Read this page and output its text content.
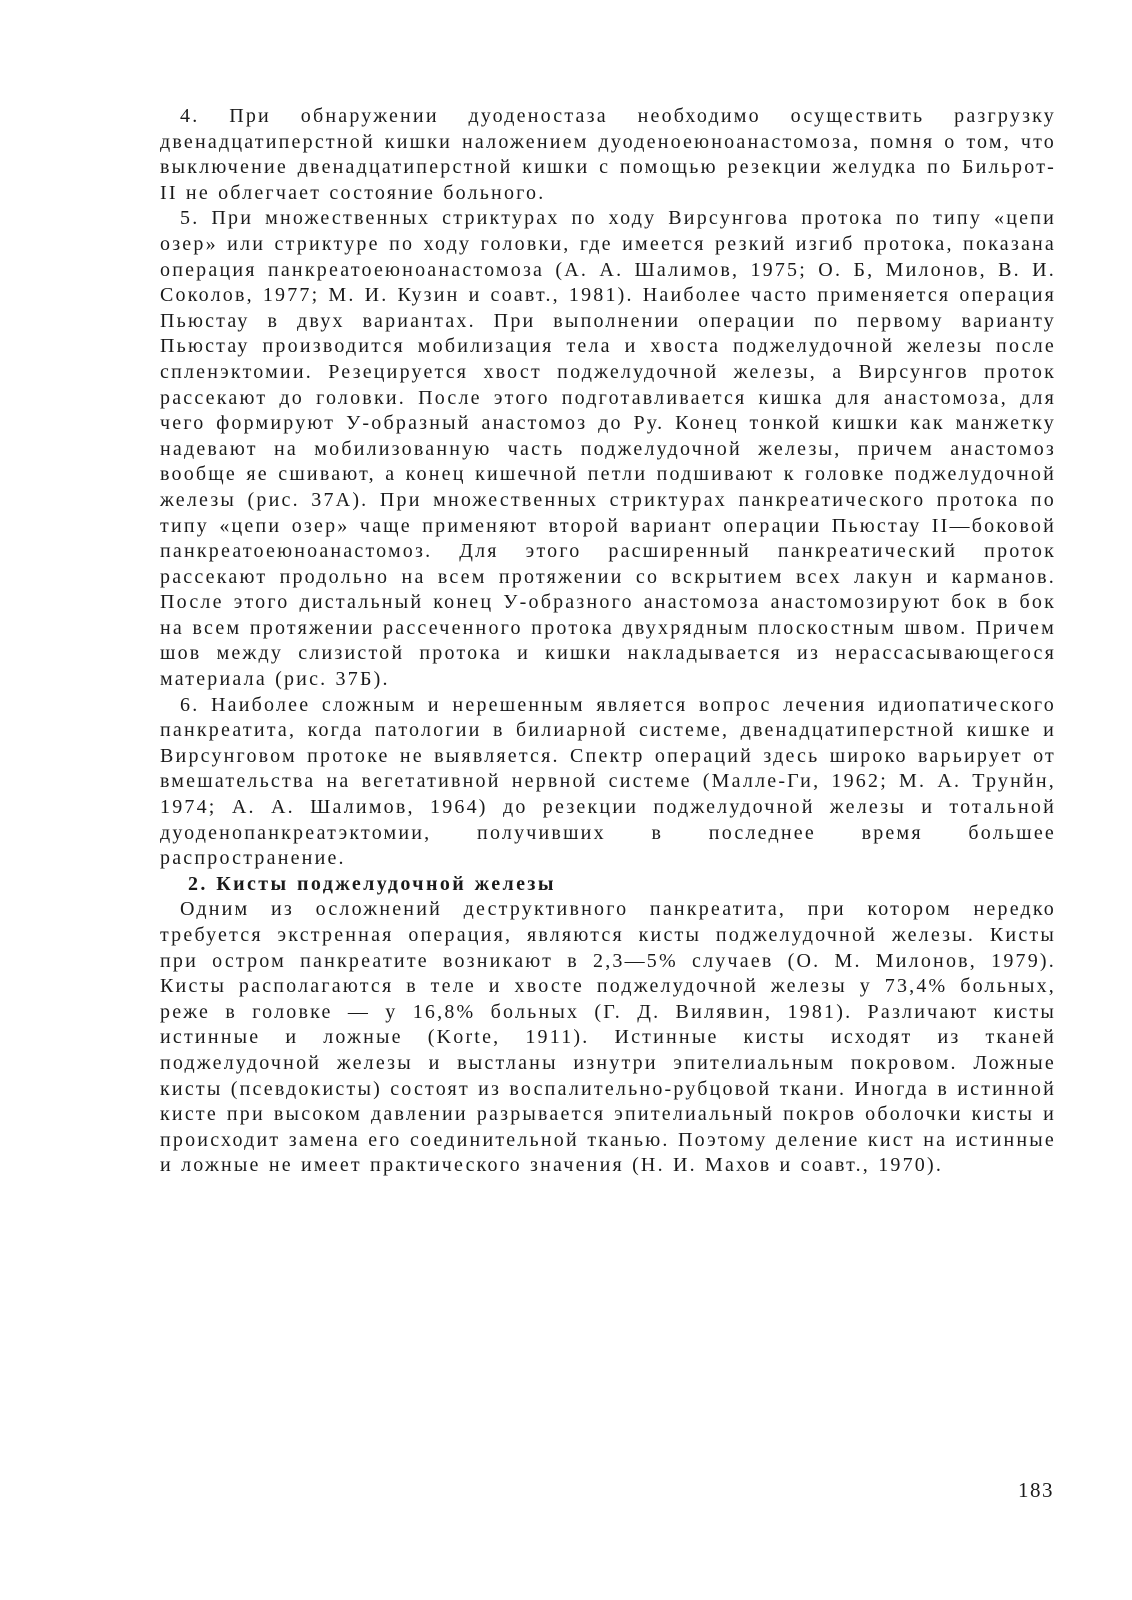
4. При обнаружении дуоденостаза необходимо осуществить разгрузку двенадцатиперстной кишки наложением дуоденоеюноанастомоза, помня о том, что выключение двенадцатиперстной кишки с помощью резекции желудка по Бильрот-II не облегчает состояние больного.

5. При множественных стриктурах по ходу Вирсунгова протока по типу «цепи озер» или стриктуре по ходу головки, где имеется резкий изгиб протока, показана операция панкреатоеюноанастомоза (А. А. Шалимов, 1975; О. Б, Милонов, В. И. Соколов, 1977; М. И. Кузин и соавт., 1981). Наиболее часто применяется операция Пьюстау в двух вариантах. При выполнении операции по первому варианту Пьюстау производится мобилизация тела и хвоста поджелудочной железы после спленэктомии. Резецируется хвост поджелудочной железы, а Вирсунгов проток рассекают до головки. После этого подготавливается кишка для анастомоза, для чего формируют У-образный анастомоз до Ру. Конец тонкой кишки как манжетку надевают на мобилизованную часть поджелудочной железы, причем анастомоз вообще яе сшивают, а конец кишечной петли подшивают к головке поджелудочной железы (рис. 37А). При множественных стриктурах панкреатического протока по типу «цепи озер» чаще применяют второй вариант операции Пьюстау II—боковой панкреатоеюноанастомоз. Для этого расширенный панкреатический проток рассекают продольно на всем протяжении со вскрытием всех лакун и карманов. После этого дистальный конец У-образного анастомоза анастомозируют бок в бок на всем протяжении рассеченного протока двухрядным плоскостным швом. Причем шов между слизистой протока и кишки накладывается из нерассасывающегося материала (рис. 37Б).

6. Наиболее сложным и нерешенным является вопрос лечения идиопатического панкреатита, когда патологии в билиарной системе, двенадцатиперстной кишке и Вирсунговом протоке не выявляется. Спектр операций здесь широко варьирует от вмешательства на вегетативной нервной системе (Малле-Ги, 1962; М. А. Трунйн, 1974; А. А. Шалимов, 1964) до резекции поджелудочной железы и тотальной дуоденопанкреатэктомии, получивших в последнее время большее распространение.

2. Кисты поджелудочной железы

Одним из осложнений деструктивного панкреатита, при котором нередко требуется экстренная операция, являются кисты поджелудочной железы. Кисты при остром панкреатите возникают в 2,3—5% случаев (О. М. Милонов, 1979). Кисты располагаются в теле и хвосте поджелудочной железы у 73,4% больных, реже в головке — у 16,8% больных (Г. Д. Вилявин, 1981). Различают кисты истинные и ложные (Korte, 1911). Истинные кисты исходят из тканей поджелудочной железы и выстланы изнутри эпителиальным покровом. Ложные кисты (псевдокисты) состоят из воспалительно-рубцовой ткани. Иногда в истинной кисте при высоком давлении разрывается эпителиальный покров оболочки кисты и происходит замена его соединительной тканью. Поэтому деление кист на истинные и ложные не имеет практического значения (Н. И. Махов и соавт., 1970).

183
